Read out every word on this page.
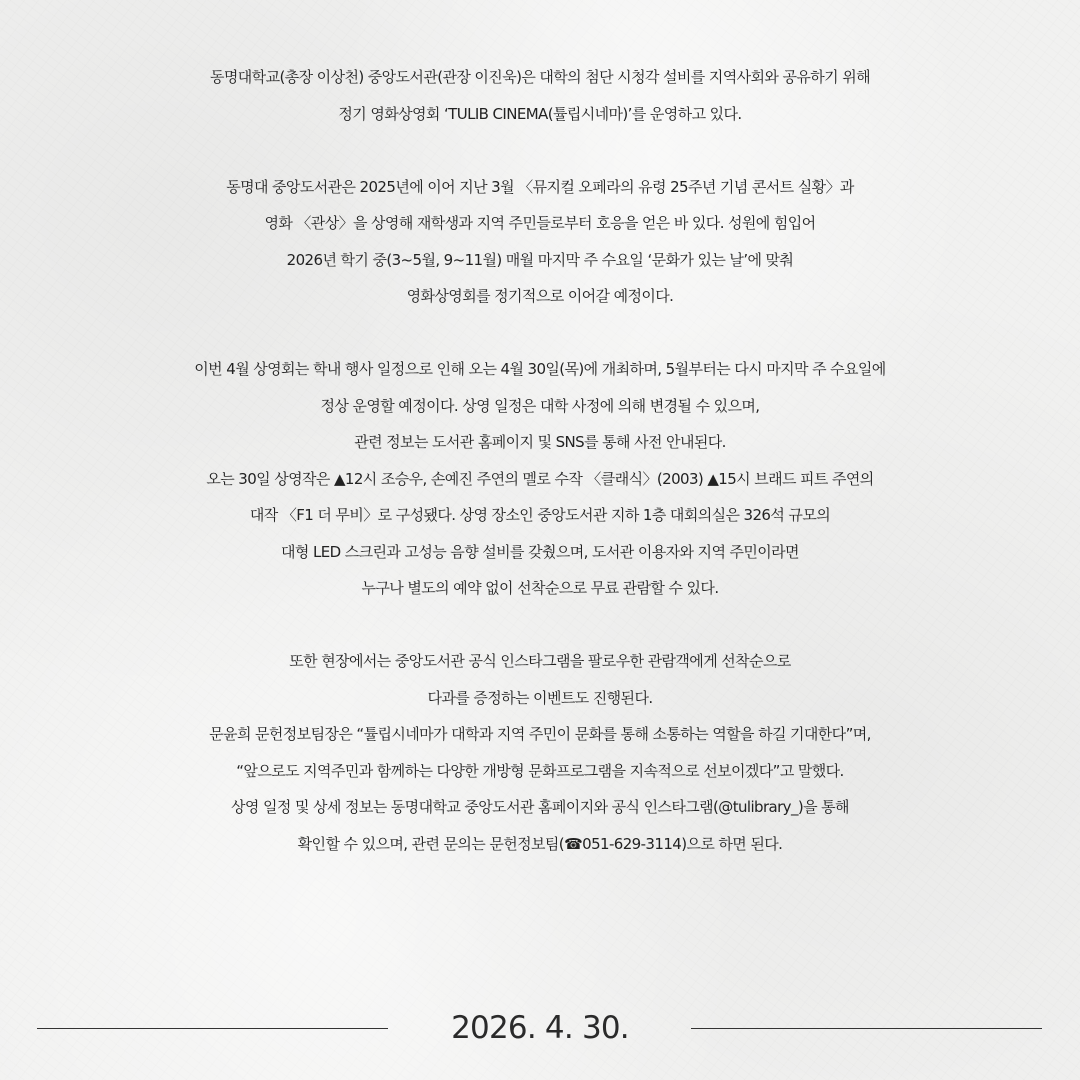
동명대학교(총장 이상천) 중앙도서관(관장 이진욱)은 대학의 첨단 시청각 설비를 지역사회와 공유하기 위해
정기 영화상영회 ‘TULIB CINEMA(튤립시네마)’를 운영하고 있다.
동명대 중앙도서관은 2025년에 이어 지난 3월 〈뮤지컬 오페라의 유령 25주년 기념 콘서트 실황〉과
영화 〈관상〉을 상영해 재학생과 지역 주민들로부터 호응을 얻은 바 있다. 성원에 힘입어
2026년 학기 중(3~5월, 9~11월) 매월 마지막 주 수요일 ‘문화가 있는 날’에 맞춰
영화상영회를 정기적으로 이어갈 예정이다.
이번 4월 상영회는 학내 행사 일정으로 인해 오는 4월 30일(목)에 개최하며, 5월부터는 다시 마지막 주 수요일에
정상 운영할 예정이다. 상영 일정은 대학 사정에 의해 변경될 수 있으며,
관련 정보는 도서관 홈페이지 및 SNS를 통해 사전 안내된다.
오는 30일 상영작은 ▲12시 조승우, 손예진 주연의 멜로 수작 〈클래식〉(2003) ▲15시 브래드 피트 주연의
대작 〈F1 더 무비〉로 구성됐다. 상영 장소인 중앙도서관 지하 1층 대회의실은 326석 규모의
대형 LED 스크린과 고성능 음향 설비를 갖췄으며, 도서관 이용자와 지역 주민이라면
누구나 별도의 예약 없이 선착순으로 무료 관람할 수 있다.
또한 현장에서는 중앙도서관 공식 인스타그램을 팔로우한 관람객에게 선착순으로
다과를 증정하는 이벤트도 진행된다.
문윤희 문헌정보팀장은 “튤립시네마가 대학과 지역 주민이 문화를 통해 소통하는 역할을 하길 기대한다”며,
“앞으로도 지역주민과 함께하는 다양한 개방형 문화프로그램을 지속적으로 선보이겠다”고 말했다.
상영 일정 및 상세 정보는 동명대학교 중앙도서관 홈페이지와 공식 인스타그램(@tulibrary_)을 통해
확인할 수 있으며, 관련 문의는 문헌정보팀(☎051-629-3114)으로 하면 된다.
2026. 4. 30.
